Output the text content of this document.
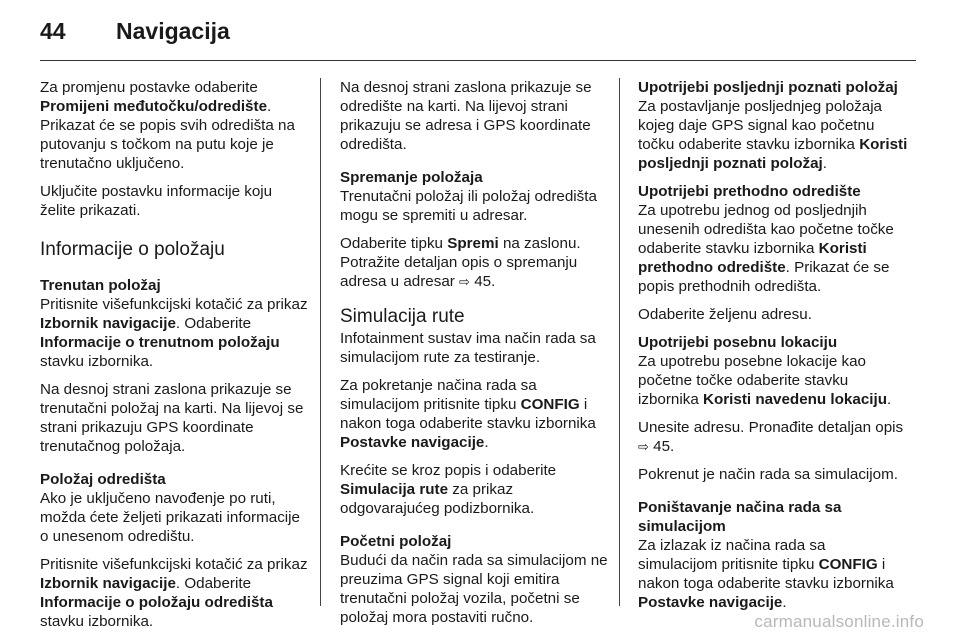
44 Navigacija

Za promjenu postavke odaberite Promijeni međutočku/odredište. Prikazat će se popis svih odredišta na putovanju s točkom na putu koje je trenutačno uključeno.

Uključite postavku informacije koju želite prikazati.

Informacije o položaju

Trenutan položaj
Pritisnite višefunkcijski kotačić za prikaz Izbornik navigacije. Odaberite Informacije o trenutnom položaju stavku izbornika.

Na desnoj strani zaslona prikazuje se trenutačni položaj na karti. Na lijevoj se strani prikazuju GPS koordinate trenutačnog položaja.

Položaj odredišta
Ako je uključeno navođenje po ruti, možda ćete željeti prikazati informacije o unesenom odredištu.

Pritisnite višefunkcijski kotačić za prikaz Izbornik navigacije. Odaberite Informacije o položaju odredišta stavku izbornika.

Na desnoj strani zaslona prikazuje se odredište na karti. Na lijevoj strani prikazuju se adresa i GPS koordinate odredišta.

Spremanje položaja
Trenutačni položaj ili položaj odredišta mogu se spremiti u adresar.

Odaberite tipku Spremi na zaslonu. Potražite detaljan opis o spremanju adresa u adresar ⇨ 45.

Simulacija rute

Infotainment sustav ima način rada sa simulacijom rute za testiranje.

Za pokretanje načina rada sa simulacijom pritisnite tipku CONFIG i nakon toga odaberite stavku izbornika Postavke navigacije.

Krećite se kroz popis i odaberite Simulacija rute za prikaz odgovarajućeg podizbornika.

Početni položaj
Budući da način rada sa simulacijom ne preuzima GPS signal koji emitira trenutačni položaj vozila, početni se položaj mora postaviti ručno.

Upotrijebi posljednji poznati položaj
Za postavljanje posljednjeg položaja kojeg daje GPS signal kao početnu točku odaberite stavku izbornika Koristi posljednji poznati položaj.

Upotrijebi prethodno odredište
Za upotrebu jednog od posljednjih unesenih odredišta kao početne točke odaberite stavku izbornika Koristi prethodno odredište. Prikazat će se popis prethodnih odredišta.

Odaberite željenu adresu.

Upotrijebi posebnu lokaciju
Za upotrebu posebne lokacije kao početne točke odaberite stavku izbornika Koristi navedenu lokaciju.

Unesite adresu. Pronađite detaljan opis ⇨ 45.

Pokrenut je način rada sa simulacijom.

Poništavanje načina rada sa simulacijom
Za izlazak iz načina rada sa simulacijom pritisnite tipku CONFIG i nakon toga odaberite stavku izbornika Postavke navigacije.

carmanualsonline.info
